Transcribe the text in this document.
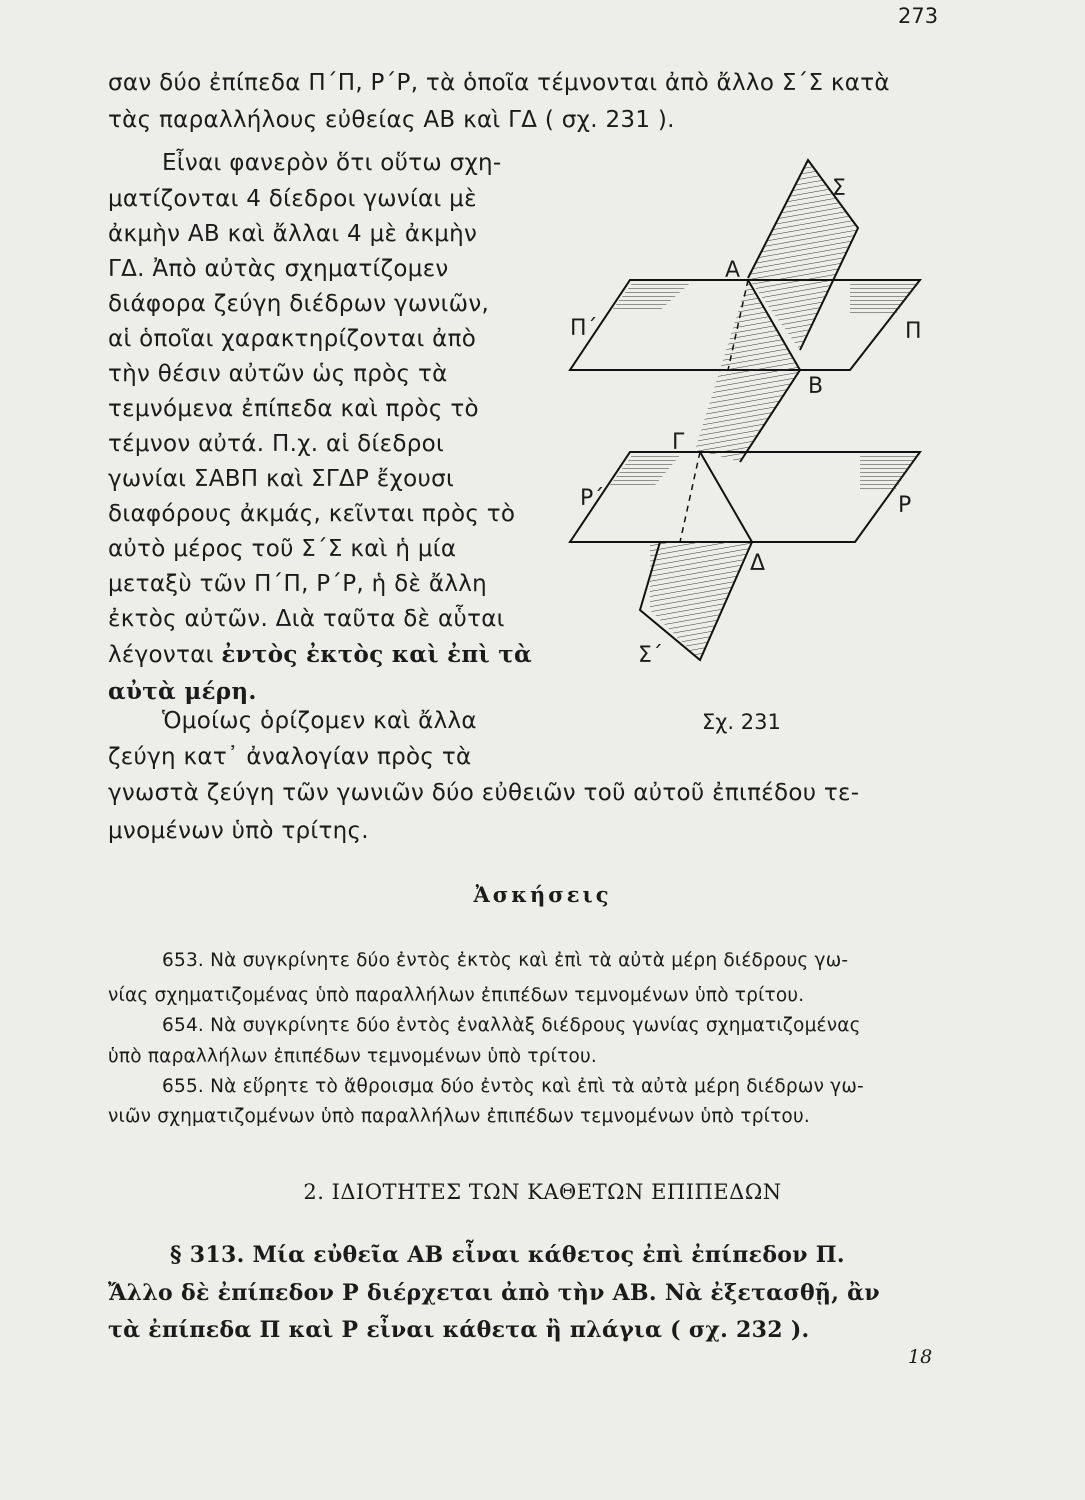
273
σαν δύο ἐπίπεδα Π΄Π, Ρ΄Ρ, τὰ ὁποῖα τέμνονται ἀπὸ ἄλλο Σ΄Σ κατὰ
τὰς παραλλήλους εὐθείας ΑΒ καὶ ΓΔ ( σχ. 231 ).
Εἶναι φανερὸν ὅτι οὕτω σχη-
ματίζονται 4 δίεδροι γωνίαι μὲ
ἀκμὴν ΑΒ καὶ ἄλλαι 4 μὲ ἀκμὴν
ΓΔ. Ἀπὸ αὐτὰς σχηματίζομεν
διάφορα ζεύγη διέδρων γωνιῶν,
αἱ ὁποῖαι χαρακτηρίζονται ἀπὸ
τὴν θέσιν αὐτῶν ὡς πρὸς τὰ
τεμνόμενα ἐπίπεδα καὶ πρὸς τὸ
τέμνον αὐτά. Π.χ. αἱ δίεδροι
γωνίαι ΣΑΒΠ καὶ ΣΓΔΡ ἔχουσι
διαφόρους ἀκμάς, κεῖνται πρὸς τὸ
αὐτὸ μέρος τοῦ Σ΄Σ καὶ ἡ μία
μεταξὺ τῶν Π΄Π, Ρ΄Ρ, ἡ δὲ ἄλλη
ἐκτὸς αὐτῶν. Διὰ ταῦτα δὲ αὗται
λέγονται ἐντὸς ἐκτὸς καὶ ἐπὶ τὰ
αὐτὰ μέρη.
Ὁμοίως ὁρίζομεν καὶ ἄλλα
ζεύγη κατ᾽ ἀναλογίαν πρὸς τὰ
γνωστὰ ζεύγη τῶν γωνιῶν δύο εὐθειῶν τοῦ αὐτοῦ ἐπιπέδου τε-
μνομένων ὑπὸ τρίτης.
Ἀσκήσεις
653. Νὰ συγκρίνητε δύο ἐντὸς ἐκτὸς καὶ ἐπὶ τὰ αὐτὰ μέρη διέδρους γω-
νίας σχηματιζομένας ὑπὸ παραλλήλων ἐπιπέδων τεμνομένων ὑπὸ τρίτου.
654. Νὰ συγκρίνητε δύο ἐντὸς ἐναλλὰξ διέδρους γωνίας σχηματιζομένας
ὑπὸ παραλλήλων ἐπιπέδων τεμνομένων ὑπὸ τρίτου.
655. Νὰ εὕρητε τὸ ἄθροισμα δύο ἐντὸς καὶ ἐπὶ τὰ αὐτὰ μέρη διέδρων γω-
νιῶν σχηματιζομένων ὑπὸ παραλλήλων ἐπιπέδων τεμνομένων ὑπὸ τρίτου.
2. ΙΔΙΟΤΗΤΕΣ ΤΩΝ ΚΑΘΕΤΩΝ ΕΠΙΠΕΔΩΝ
§ 313. Μία εὐθεῖα ΑΒ εἶναι κάθετος ἐπὶ ἐπίπεδον Π.
Ἄλλο δὲ ἐπίπεδον Ρ διέρχεται ἀπὸ τὴν ΑΒ. Νὰ ἐξετασθῇ, ἂν
τὰ ἐπίπεδα Π καὶ Ρ εἶναι κάθετα ἢ πλάγια ( σχ. 232 ).
18
Σ
Α
Π΄	Π
Β
Γ
Ρ΄	Ρ
Δ
Σ΄
Σχ. 231
